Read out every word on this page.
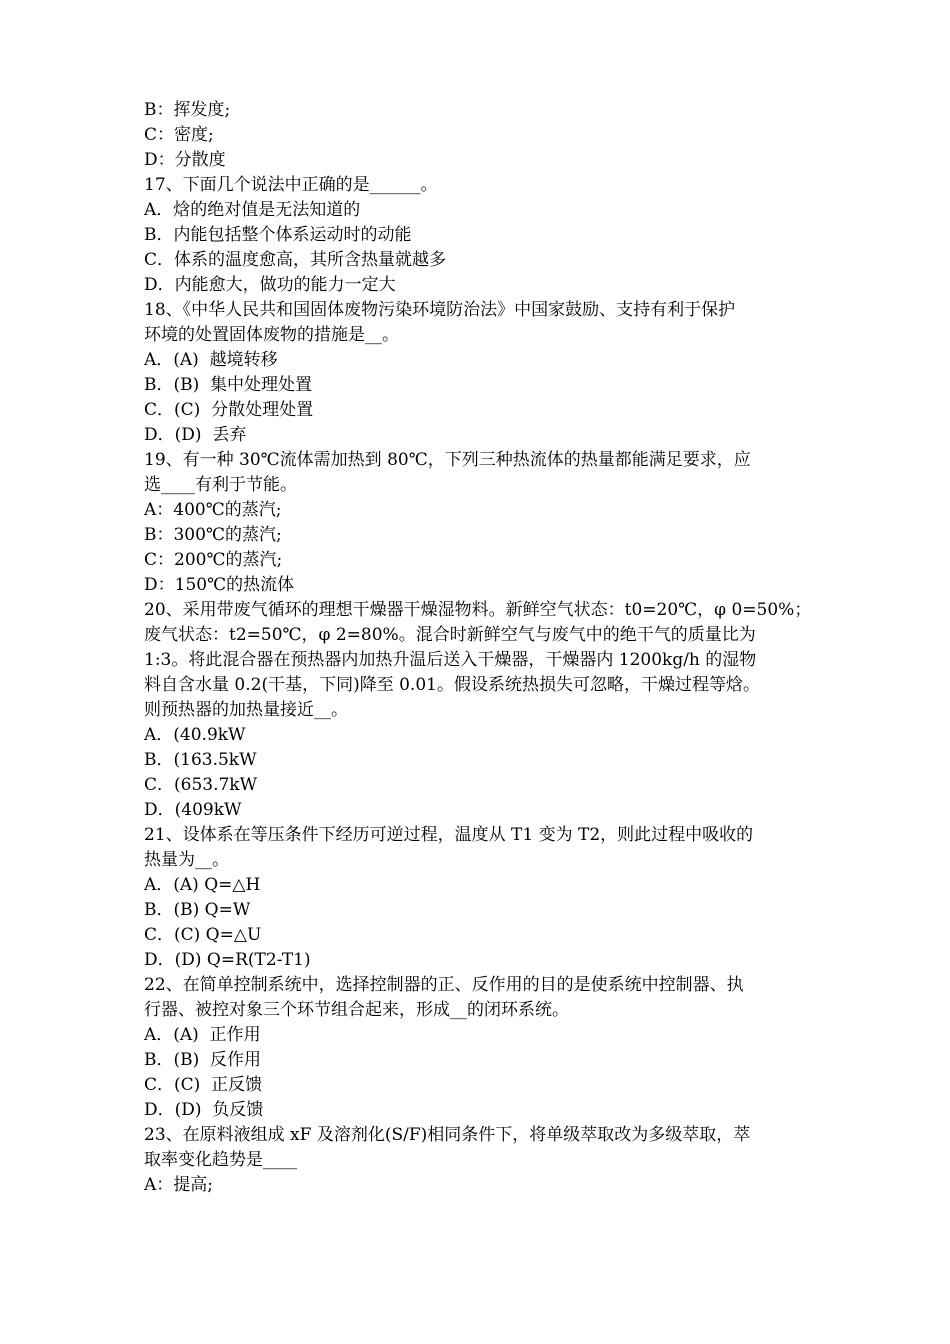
B：挥发度;
C：密度;
D：分散度
17、下面几个说法中正确的是______。
A．焓的绝对值是无法知道的
B．内能包括整个体系运动时的动能
C．体系的温度愈高，其所含热量就越多
D．内能愈大，做功的能力一定大
18、《中华人民共和国固体废物污染环境防治法》中国家鼓励、支持有利于保护
环境的处置固体废物的措施是__。
A．(A)  越境转移
B．(B)  集中处理处置
C．(C)  分散处理处置
D．(D)  丢弃
19、有一种 30℃流体需加热到 80℃，下列三种热流体的热量都能满足要求，应
选____有利于节能。
A：400℃的蒸汽;
B：300℃的蒸汽;
C：200℃的蒸汽;
D：150℃的热流体
20、采用带废气循环的理想干燥器干燥湿物料。新鲜空气状态：t0=20℃，φ 0=50%；
废气状态：t2=50℃，φ 2=80%。混合时新鲜空气与废气中的绝干气的质量比为
1:3。将此混合器在预热器内加热升温后送入干燥器，干燥器内 1200kg/h 的湿物
料自含水量 0.2(干基，下同)降至 0.01。假设系统热损失可忽略，干燥过程等焓。
则预热器的加热量接近__。
A．(40.9kW
B．(163.5kW
C．(653.7kW
D．(409kW
21、设体系在等压条件下经历可逆过程，温度从 T1 变为 T2，则此过程中吸收的
热量为__。
A．(A) Q=△H
B．(B) Q=W
C．(C) Q=△U
D．(D) Q=R(T2-T1)
22、在简单控制系统中，选择控制器的正、反作用的目的是使系统中控制器、执
行器、被控对象三个环节组合起来，形成__的闭环系统。
A．(A)  正作用
B．(B)  反作用
C．(C)  正反馈
D．(D)  负反馈
23、在原料液组成 xF 及溶剂化(S/F)相同条件下，将单级萃取改为多级萃取，萃
取率变化趋势是____
A：提高;
